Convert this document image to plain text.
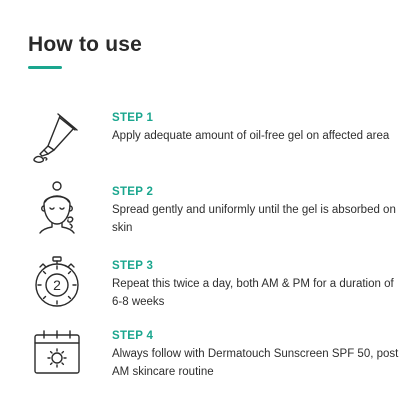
How to use
STEP 1
Apply adequate amount of oil-free gel on affected area
STEP 2
Spread gently and uniformly until the gel is absorbed on skin
2
STEP 3
Repeat this twice a day, both AM & PM for a duration of 6-8 weeks
STEP 4
Always follow with Dermatouch Sunscreen SPF 50, post AM skincare routine
